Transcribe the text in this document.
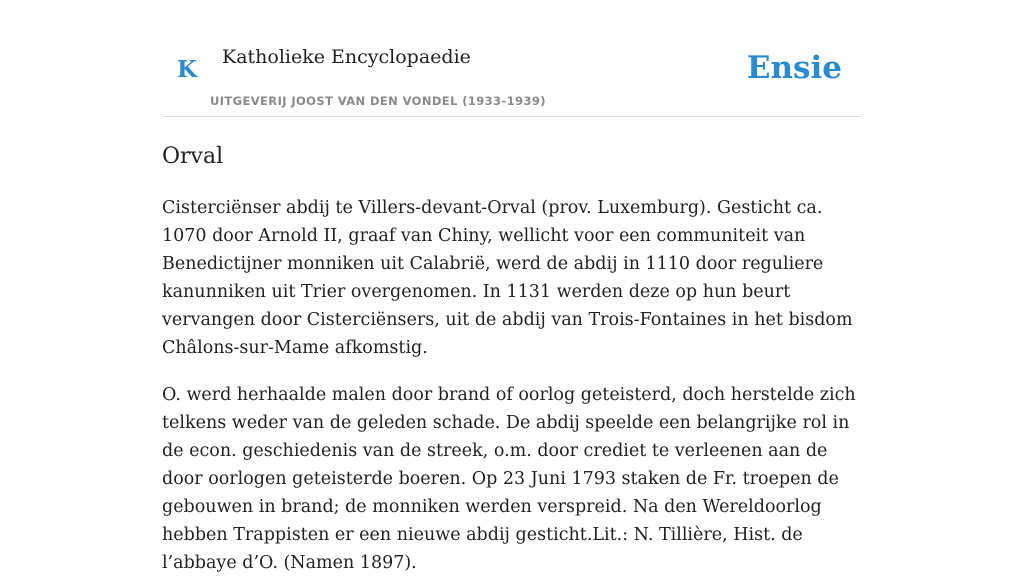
K Katholieke Encyclopaedie
UITGEVERIJ JOOST VAN DEN VONDEL (1933-1939)
Ensie
Orval

Cisterciënser abdij te Villers-devant-Orval (prov. Luxemburg). Gesticht ca. 1070 door Arnold II, graaf van Chiny, wellicht voor een communiteit van Benedictijner monniken uit Calabrië, werd de abdij in 1110 door reguliere kanunniken uit Trier overgenomen. In 1131 werden deze op hun beurt vervangen door Cisterciënsers, uit de abdij van Trois-Fontaines in het bisdom Châlons-sur-Mame afkomstig.

O. werd herhaalde malen door brand of oorlog geteisterd, doch herstelde zich telkens weder van de geleden schade. De abdij speelde een belangrijke rol in de econ. geschiedenis van de streek, o.m. door crediet te verleenen aan de door oorlogen geteisterde boeren. Op 23 Juni 1793 staken de Fr. troepen de gebouwen in brand; de monniken werden verspreid. Na den Wereldoorlog hebben Trappisten er een nieuwe abdij gesticht.Lit.: N. Tillière, Hist. de l’abbaye d’O. (Namen 1897).
